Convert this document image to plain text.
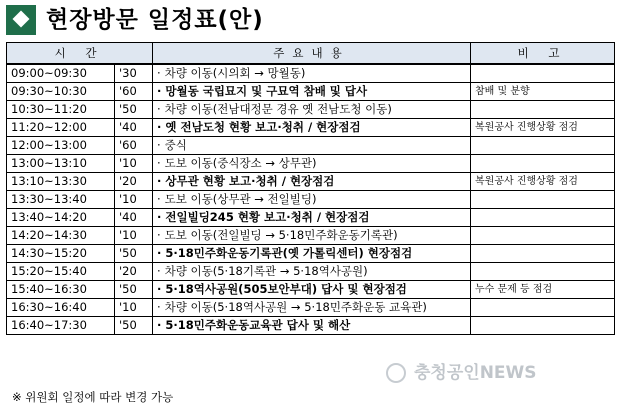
현장방문 일정표(안)
시 간		주요내용	비 고
09:00~09:30	'30	· 차량 이동(시의회 → 망월동)	
09:30~10:30	'60	· 망월동 국립묘지 및 구묘역 참배 및 답사	참배 및 분향
10:30~11:20	'50	· 차량 이동(전남대정문 경유 옛 전남도청 이동)	
11:20~12:00	'40	· 옛 전남도청 현황 보고·청취 / 현장점검	복원공사 진행상황 점검
12:00~13:00	'60	· 중식	
13:00~13:10	'10	· 도보 이동(중식장소 → 상무관)	
13:10~13:30	'20	· 상무관 현황 보고·청취 / 현장점검	복원공사 진행상황 점검
13:30~13:40	'10	· 도보 이동(상무관 → 전일빌딩)	
13:40~14:20	'40	· 전일빌딩245 현황 보고·청취 / 현장점검	
14:20~14:30	'10	· 도보 이동(전일빌딩 → 5·18민주화운동기록관)	
14:30~15:20	'50	· 5·18민주화운동기록관(옛 가톨릭센터) 현장점검	
15:20~15:40	'20	· 차량 이동(5·18기록관 → 5·18역사공원)	
15:40~16:30	'50	· 5·18역사공원(505보안부대) 답사 및 현장점검	누수 문제 등 점검
16:30~16:40	'10	· 차량 이동(5·18역사공원 → 5·18민주화운동 교육관)	
16:40~17:30	'50	· 5·18민주화운동교육관 답사 및 해산	
※ 위원회 일정에 따라 변경 가능
충청공인NEWS
